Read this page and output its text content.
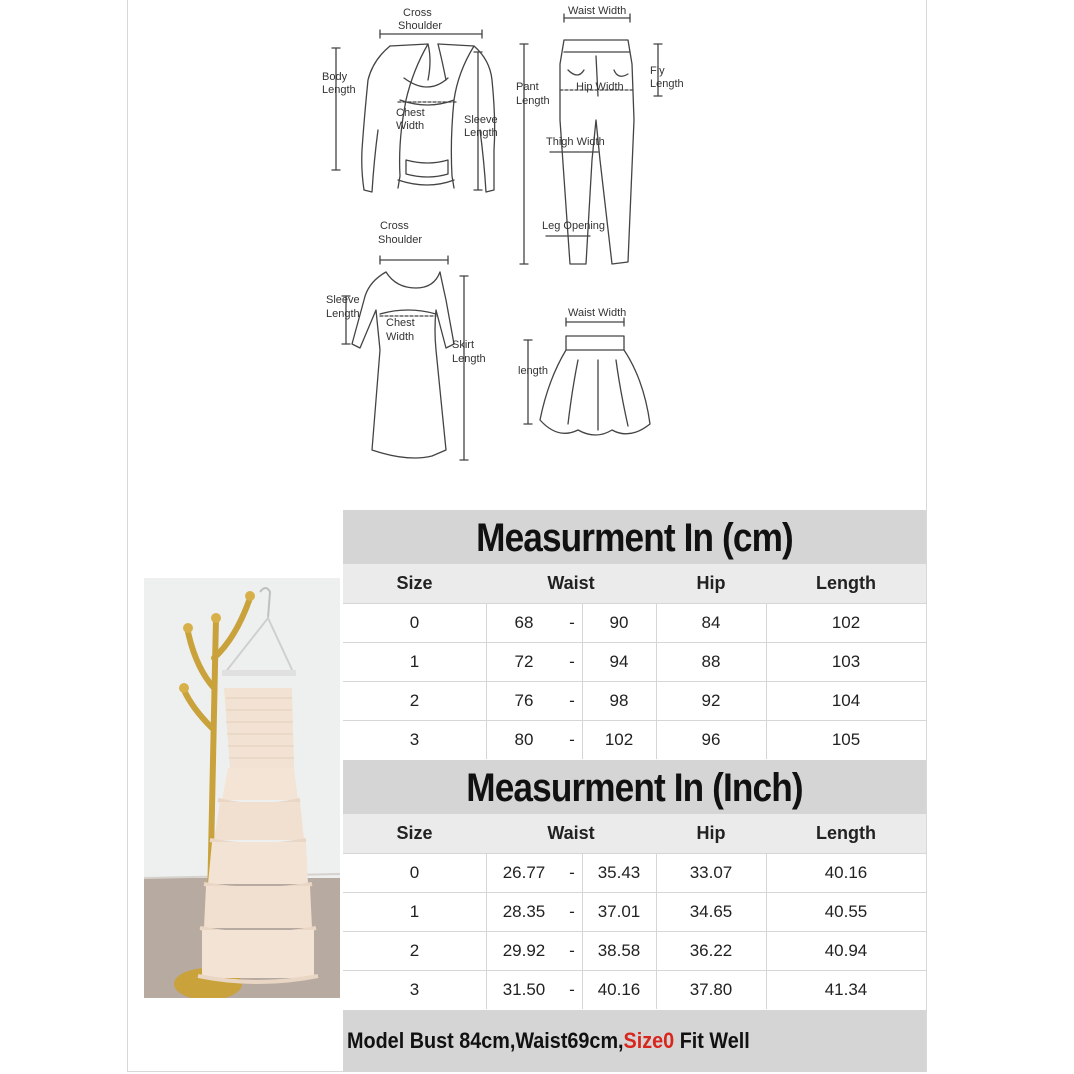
Cross
Shoulder
Body
Length
Chest
Width	Sleeve
Length
Waist Width
Pant
Length
Hip Width
Fly
Length
Thigh Width
Leg Opening
Cross
Shoulder
Sleeve
Length
Chest
Width
Skirt
Length
Waist Width
length
Measurment In (cm)
Size	Waist	Hip	Length
0	68	-	90	84	102
1	72	-	94	88	103
2	76	-	98	92	104
3	80	-	102	96	105
Measurment In (Inch)
Size	Waist	Hip	Length
0	26.77	-	35.43	33.07	40.16
1	28.35	-	37.01	34.65	40.55
2	29.92	-	38.58	36.22	40.94
3	31.50	-	40.16	37.80	41.34
Model Bust 84cm,Waist69cm,Size0 Fit Well
